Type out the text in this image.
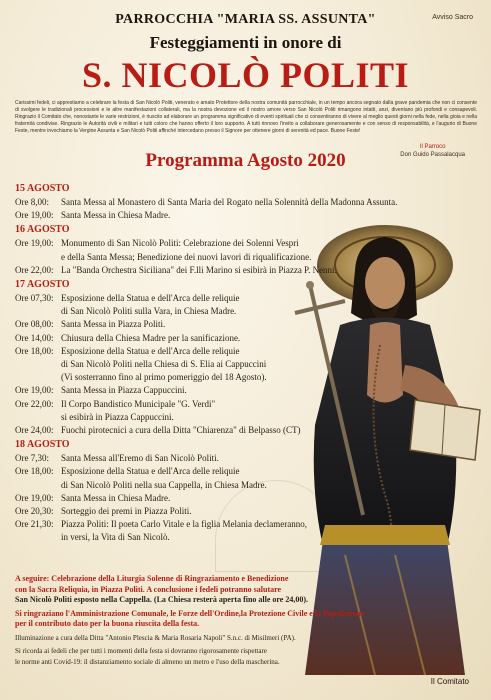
Avviso Sacro
PARROCCHIA "MARIA SS. ASSUNTA"
Festeggiamenti in onore di
S. NICOLÒ POLITI
Carissimi fedeli, ci apprestiamo a celebrare la festa di San Nicolò Politi, venerato e amato Protettore della nostra comunità parrocchiale, in un tempo ancora segnato dalla grave pandemia che non ci consente di svolgere le tradizionali processioni e le altre manifestazioni collaterali, ma la nostra devozione ed il nostro amore verso San Nicolò Politi rimangono intatti, anzi, diventano più profondi e consapevoli. Ringrazio il Comitato che, nonostante le varie restrizioni, è riuscito ad elaborare un programma significativo di eventi spirituali che ci consentiranno di vivere al meglio questi giorni nella fede, nella gioia e nella fraternità condivise. Ringrazio le Autorità civili e militari e tutti coloro che hanno offerto il loro supporto. A tutti rinnovo l'invito a collaborare generosamente e con senso di responsabilità, e l'augurio di Buone Feste, mentre invochiamo la Vergine Assunta e San Nicolò Politi affinché intercedano presso il Signore per ottenere giorni di serenità ed pace. Buone Feste!
Il Parroco
Don Guido Passalacqua
Programma Agosto 2020
15 AGOSTO
Ore 8,00:	Santa Messa al Monastero di Santa Maria del Rogato nella Solennità della Madonna Assunta.
Ore 19,00: Santa Messa in Chiesa Madre.
16 AGOSTO
Ore 19,00: Monumento di San Nicolò Politi: Celebrazione dei Solenni Vespri
e della Santa Messa; Benedizione dei nuovi lavori di riqualificazione.
Ore 22,00: La "Banda Orchestra Siciliana" dei F.lli Marino si esibirà in Piazza P. Nenni.
17 AGOSTO
Ore 07,30: Esposizione della Statua e dell'Arca delle reliquie
di San Nicolò Politi sulla Vara, in Chiesa Madre.
Ore 08,00: Santa Messa in Piazza Politi.
Ore 14,00: Chiusura della Chiesa Madre per la sanificazione.
Ore 18,00: Esposizione della Statua e dell'Arca delle reliquie
di San Nicolò Politi nella Chiesa di S. Elia ai Cappuccini
(Vi sosterranno fino al primo pomeriggio del 18 Agosto).
Ore 19,00: Santa Messa in Piazza Cappuccini.
Ore 22,00: Il Corpo Bandistico Municipale "G. Verdi"
si esibirà in Piazza Cappuccini.
Ore 24,00: Fuochi pirotecnici a cura della Ditta "Chiarenza" di Belpasso (CT)
18 AGOSTO
Ore 7,30:	Santa Messa all'Eremo di San Nicolò Politi.
Ore 18,00: Esposizione della Statua e dell'Arca delle reliquie
di San Nicolò Politi nella sua Cappella, in Chiesa Madre.
Ore 19,00: Santa Messa in Chiesa Madre.
Ore 20,30: Sorteggio dei premi in Piazza Politi.
Ore 21,30: Piazza Politi: Il poeta Carlo Vitale e la figlia Melania declameranno,
in versi, la Vita di San Nicolò.
A seguire: Celebrazione della Liturgia Solenne di Ringraziamento e Benedizione
con la Sacra Reliquia, in Piazza Politi. A conclusione i fedeli potranno salutare
San Nicolò Politi esposto nella Cappella. (La Chiesa resterà aperta fino alle ore 24,00).
Si ringraziano l'Amministrazione Comunale, le Forze dell'Ordine,la Protezione Civile e la Popolazione
per il contributo dato per la buona riuscita della festa.
Illuminazione a cura della Ditta "Antonio Plescia & Maria Rosaria Napoli" S.n.c. di Misilmeri (PA).
Si ricorda ai fedeli che per tutti i momenti della festa si dovranno rigorosamente rispettare
le norme anti Covid-19: il distanziamento sociale di almeno un metro e l'uso della mascherina.
Il Comitato
